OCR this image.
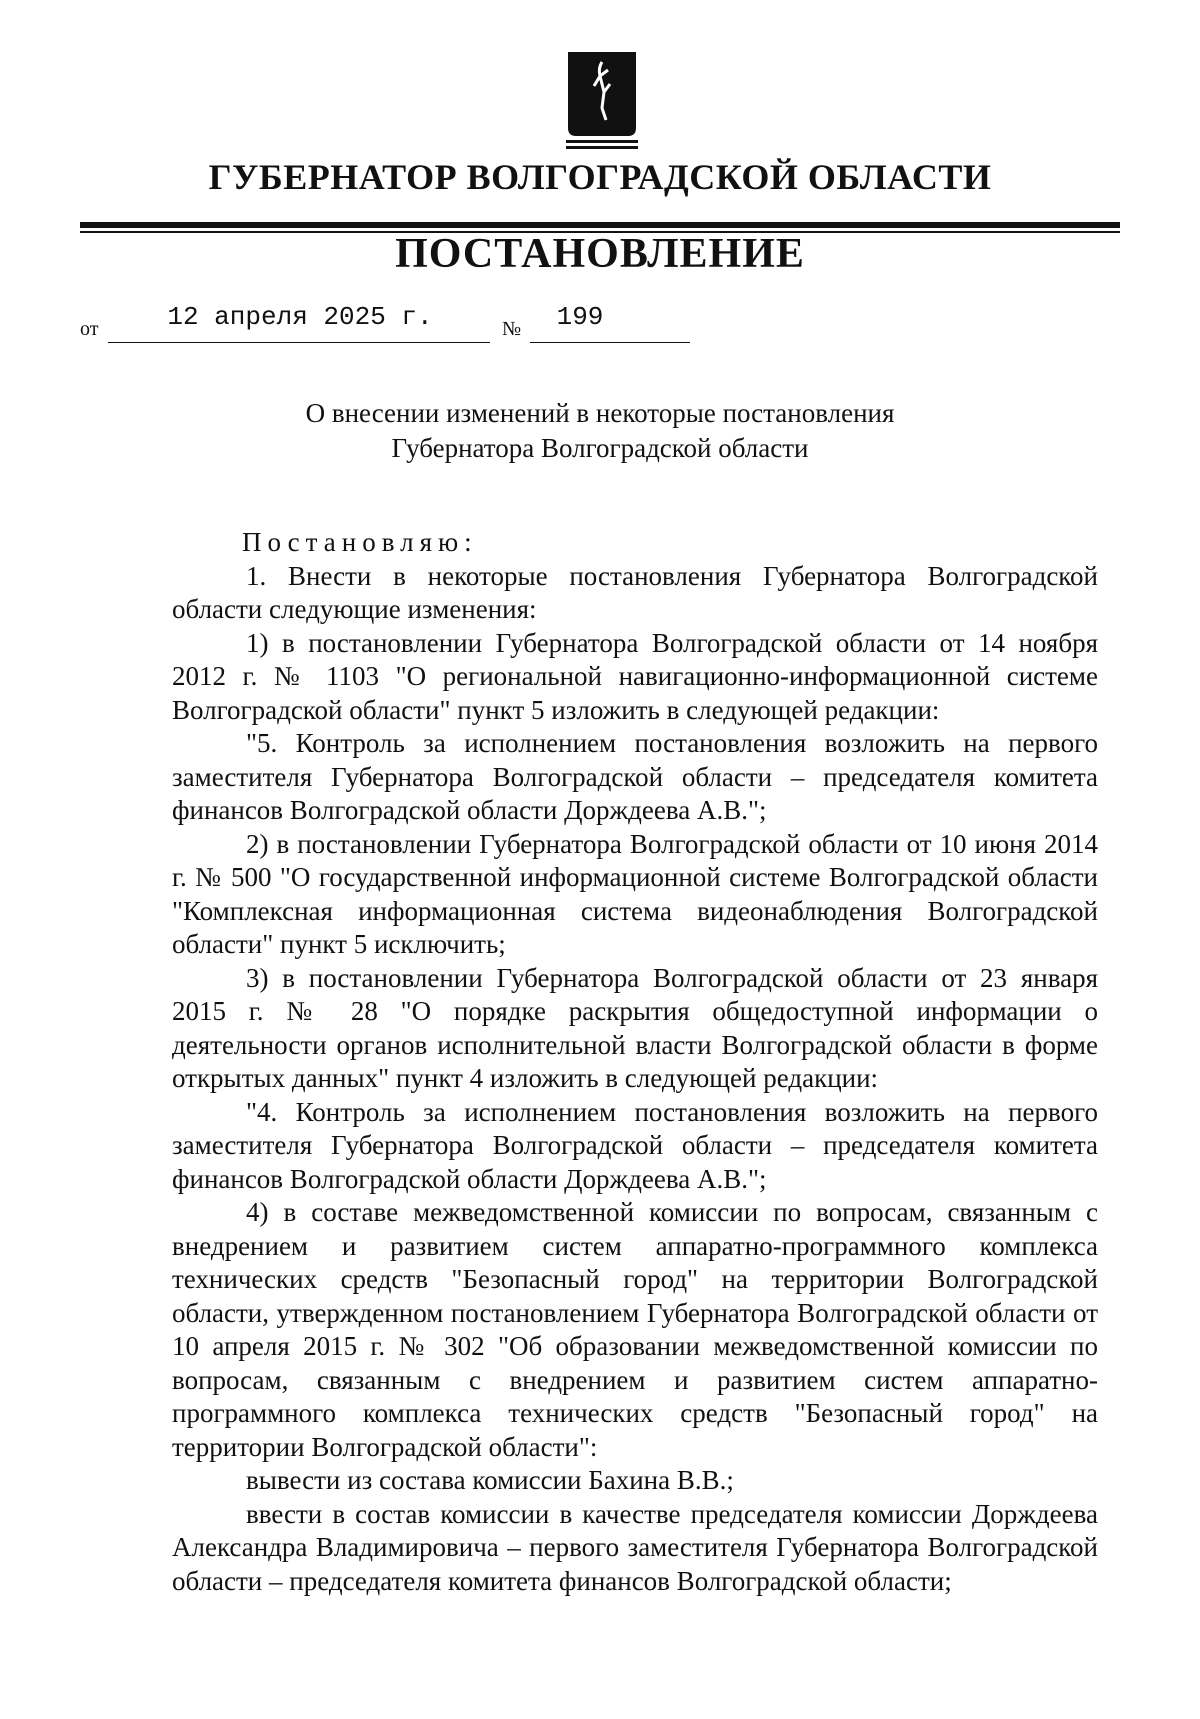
ГУБЕРНАТОР ВОЛГОГРАДСКОЙ ОБЛАСТИ
ПОСТАНОВЛЕНИЕ
от	12 апреля 2025 г.	№	199
О внесении изменений в некоторые постановления
Губернатора Волгоградской области

Постановляю:

1. Внести в некоторые постановления Губернатора Волгоградской области следующие изменения:

1) в постановлении Губернатора Волгоградской области от 14 ноября 2012 г. № 1103 "О региональной навигационно-информационной системе Волгоградской области" пункт 5 изложить в следующей редакции:

"5. Контроль за исполнением постановления возложить на первого заместителя Губернатора Волгоградской области – председателя комитета финансов Волгоградской области Дорждеева А.В.";

2) в постановлении Губернатора Волгоградской области от 10 июня 2014 г. № 500 "О государственной информационной системе Волгоградской области "Комплексная информационная система видеонаблюдения Волгоградской области" пункт 5 исключить;

3) в постановлении Губернатора Волгоградской области от 23 января 2015 г. № 28 "О порядке раскрытия общедоступной информации о деятельности органов исполнительной власти Волгоградской области в форме открытых данных" пункт 4 изложить в следующей редакции:

"4. Контроль за исполнением постановления возложить на первого заместителя Губернатора Волгоградской области – председателя комитета финансов Волгоградской области Дорждеева А.В.";

4) в составе межведомственной комиссии по вопросам, связанным с внедрением и развитием систем аппаратно-программного комплекса технических средств "Безопасный город" на территории Волгоградской области, утвержденном постановлением Губернатора Волгоградской области от 10 апреля 2015 г. № 302 "Об образовании межведомственной комиссии по вопросам, связанным с внедрением и развитием систем аппаратно-программного комплекса технических средств "Безопасный город" на территории Волгоградской области":

вывести из состава комиссии Бахина В.В.;

ввести в состав комиссии в качестве председателя комиссии Дорждеева Александра Владимировича – первого заместителя Губернатора Волгоградской области – председателя комитета финансов Волгоградской области;
